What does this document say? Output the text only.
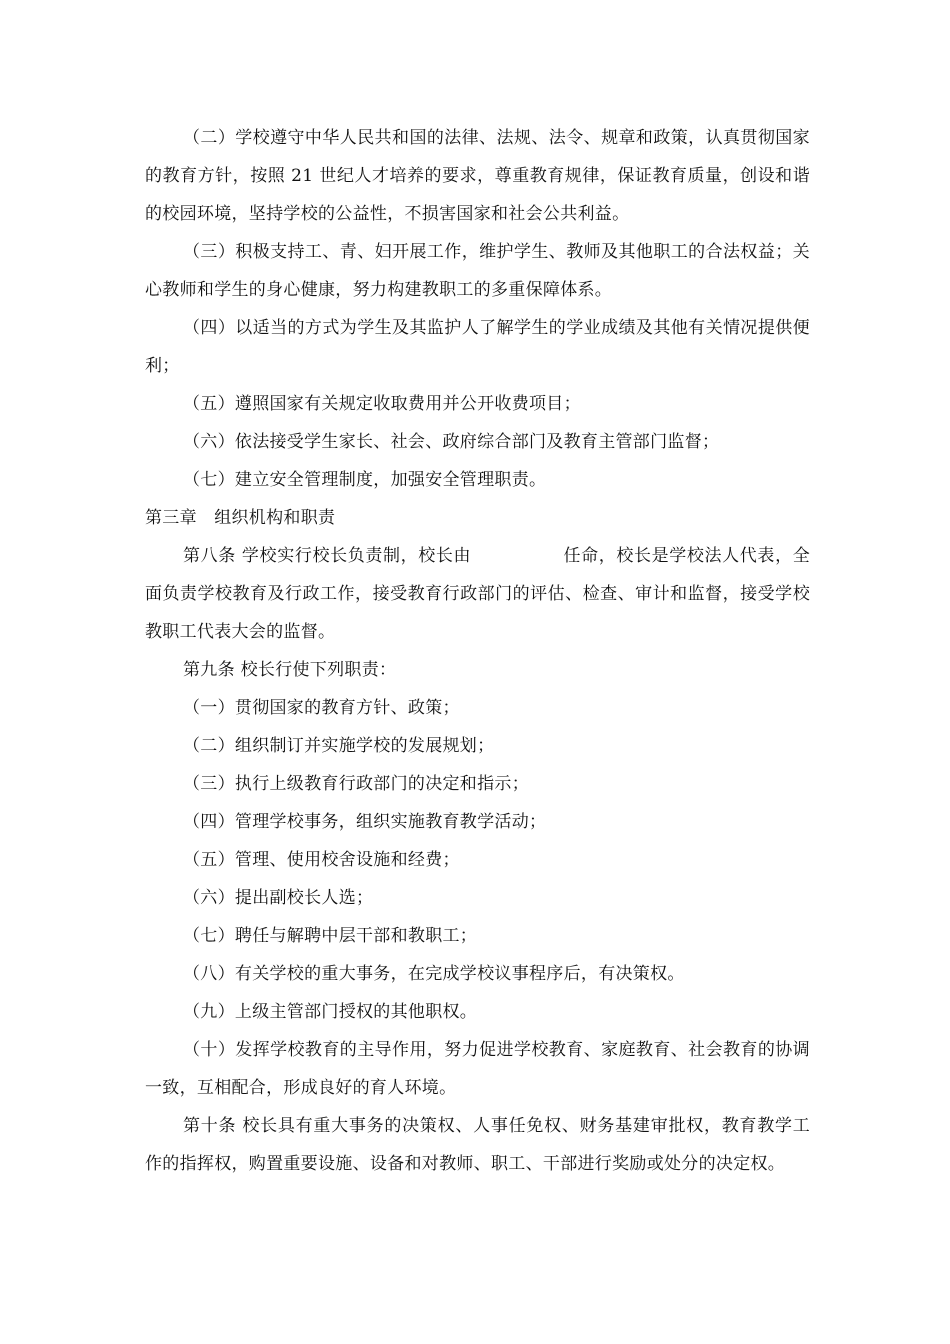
（二）学校遵守中华人民共和国的法律、法规、法令、规章和政策，认真贯彻国家的教育方针，按照 21 世纪人才培养的要求，尊重教育规律，保证教育质量，创设和谐的校园环境，坚持学校的公益性，不损害国家和社会公共利益。

（三）积极支持工、青、妇开展工作，维护学生、教师及其他职工的合法权益；关心教师和学生的身心健康，努力构建教职工的多重保障体系。

（四）以适当的方式为学生及其监护人了解学生的学业成绩及其他有关情况提供便利；

（五）遵照国家有关规定收取费用并公开收费项目；

（六）依法接受学生家长、社会、政府综合部门及教育主管部门监督；

（七）建立安全管理制度，加强安全管理职责。

第三章　组织机构和职责

第八条 学校实行校长负责制，校长由	任命，校长是学校法人代表，全面负责学校教育及行政工作，接受教育行政部门的评估、检查、审计和监督，接受学校教职工代表大会的监督。

第九条 校长行使下列职责：

（一）贯彻国家的教育方针、政策；

（二）组织制订并实施学校的发展规划；

（三）执行上级教育行政部门的决定和指示；

（四）管理学校事务，组织实施教育教学活动；

（五）管理、使用校舍设施和经费；

（六）提出副校长人选；

（七）聘任与解聘中层干部和教职工；

（八）有关学校的重大事务，在完成学校议事程序后，有决策权。

（九）上级主管部门授权的其他职权。

（十）发挥学校教育的主导作用，努力促进学校教育、家庭教育、社会教育的协调一致，互相配合，形成良好的育人环境。

第十条 校长具有重大事务的决策权、人事任免权、财务基建审批权，教育教学工作的指挥权，购置重要设施、设备和对教师、职工、干部进行奖励或处分的决定权。
